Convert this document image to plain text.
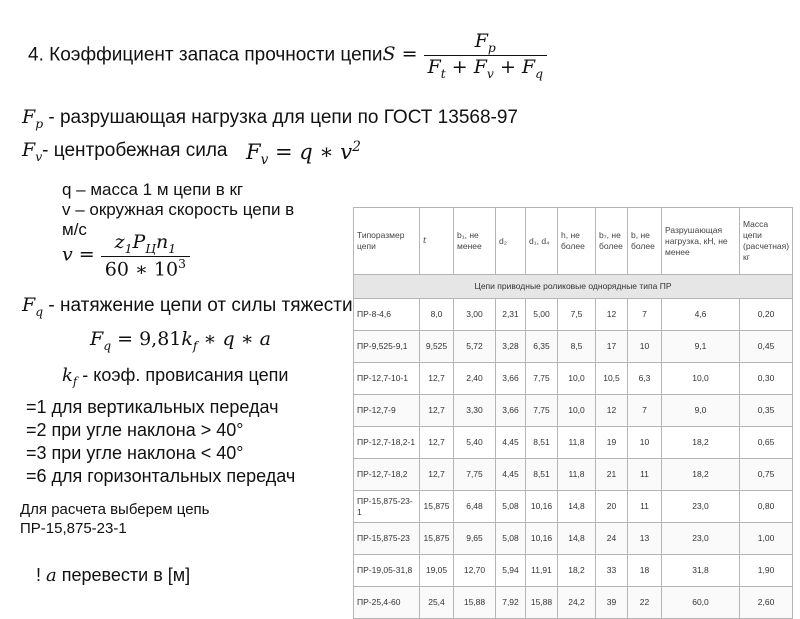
4. Коэффициент запаса прочности цепиS = $\frac{F_p}{F_t + F_v + F_q}$
$F_p$ - разрушающая нагрузка для цепи по ГОСТ 13568-97
$F_v-$ центробежная сила $F_v = q$ ∗ $v^2$
q – масса 1 м цепи в кг
v – окружная скорость цепи в
м/с
$v = \frac{z_1P_Цn_1}{60 ∗ 10^3}$
$F_q$ - натяжение цепи от силы тяжести
$F_q = 9,81k_f$ ∗ q ∗ a
$k_f$ - коэф. провисания цепи
=1 для вертикальных передач
=2 при угле наклона > 40°
=3 при угле наклона < 40°
=6 для горизонтальных передач
Для расчета выберем цепь
ПР-15,875-23-1
! a перевести в [м]
Типоразмер цепи	t	b₁, не менее	d₂	d₁, d₄	h, не более	b₇, не более	b, не более	Разрушающая нагрузка, кН, не менее	Масса цепи (расчетная) кг
Цепи приводные роликовые однорядные типа ПР									
ПР-8-4,6	8,0	3,00	2,31	5,00	7,5	12	7	4,6	0,20
ПР-9,525-9,1	9,525	5,72	3,28	6,35	8,5	17	10	9,1	0,45
ПР-12,7-10-1	12,7	2,40	3,66	7,75	10,0	10,5	6,3	10,0	0,30
ПР-12,7-9	12,7	3,30	3,66	7,75	10,0	12	7	9,0	0,35
ПР-12,7-18,2-1	12,7	5,40	4,45	8,51	11,8	19	10	18,2	0,65
ПР-12,7-18,2	12,7	7,75	4,45	8,51	11,8	21	11	18,2	0,75
ПР-15,875-23-1	15,875	6,48	5,08	10,16	14,8	20	11	23,0	0,80
ПР-15,875-23	15,875	9,65	5,08	10,16	14,8	24	13	23,0	1,00
ПР-19,05-31,8	19,05	12,70	5,94	11,91	18,2	33	18	31,8	1,90
ПР-25,4-60	25,4	15,88	7,92	15,88	24,2	39	22	60,0	2,60
